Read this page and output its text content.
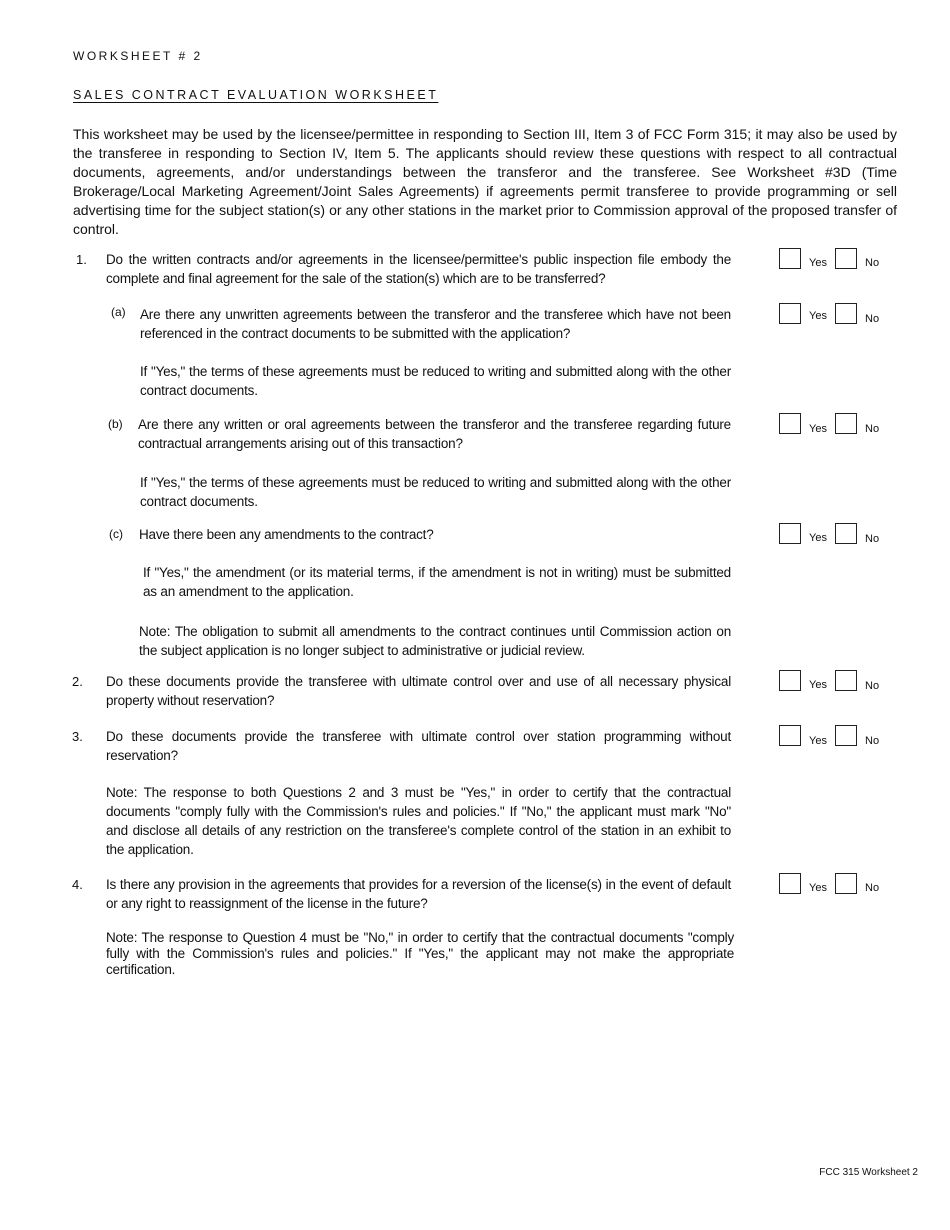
WORKSHEET # 2
SALES CONTRACT EVALUATION WORKSHEET
This worksheet may be used by the licensee/permittee in responding to Section III, Item 3 of FCC Form 315; it may also be used by the transferee in responding to Section IV, Item 5. The applicants should review these questions with respect to all contractual documents, agreements, and/or understandings between the transferor and the transferee. See Worksheet #3D (Time Brokerage/Local Marketing Agreement/Joint Sales Agreements) if agreements permit transferee to provide programming or sell advertising time for the subject station(s) or any other stations in the market prior to Commission approval of the proposed transfer of control.
1. Do the written contracts and/or agreements in the licensee/permittee's public inspection file embody the complete and final agreement for the sale of the station(s) which are to be transferred?
Yes	No
(a) Are there any unwritten agreements between the transferor and the transferee which have not been referenced in the contract documents to be submitted with the application?
If "Yes," the terms of these agreements must be reduced to writing and submitted along with the other contract documents.
Yes	No
(b) Are there any written or oral agreements between the transferor and the transferee regarding future contractual arrangements arising out of this transaction?
If "Yes," the terms of these agreements must be reduced to writing and submitted along with the other contract documents.
Yes	No
(c) Have there been any amendments to the contract?
If "Yes," the amendment (or its material terms, if the amendment is not in writing) must be submitted as an amendment to the application.
Note: The obligation to submit all amendments to the contract continues until Commission action on the subject application is no longer subject to administrative or judicial review.
Yes	No
2. Do these documents provide the transferee with ultimate control over and use of all necessary physical property without reservation?
Yes	No
3. Do these documents provide the transferee with ultimate control over station programming without reservation?
Note: The response to both Questions 2 and 3 must be "Yes," in order to certify that the contractual documents "comply fully with the Commission's rules and policies." If "No," the applicant must mark "No" and disclose all details of any restriction on the transferee's complete control of the station in an exhibit to the application.
Yes	No
4. Is there any provision in the agreements that provides for a reversion of the license(s) in the event of default or any right to reassignment of the license in the future?
Note: The response to Question 4 must be "No," in order to certify that the contractual documents "comply fully with the Commission's rules and policies." If "Yes," the applicant may not make the appropriate certification.
Yes	No
FCC 315 Worksheet 2
